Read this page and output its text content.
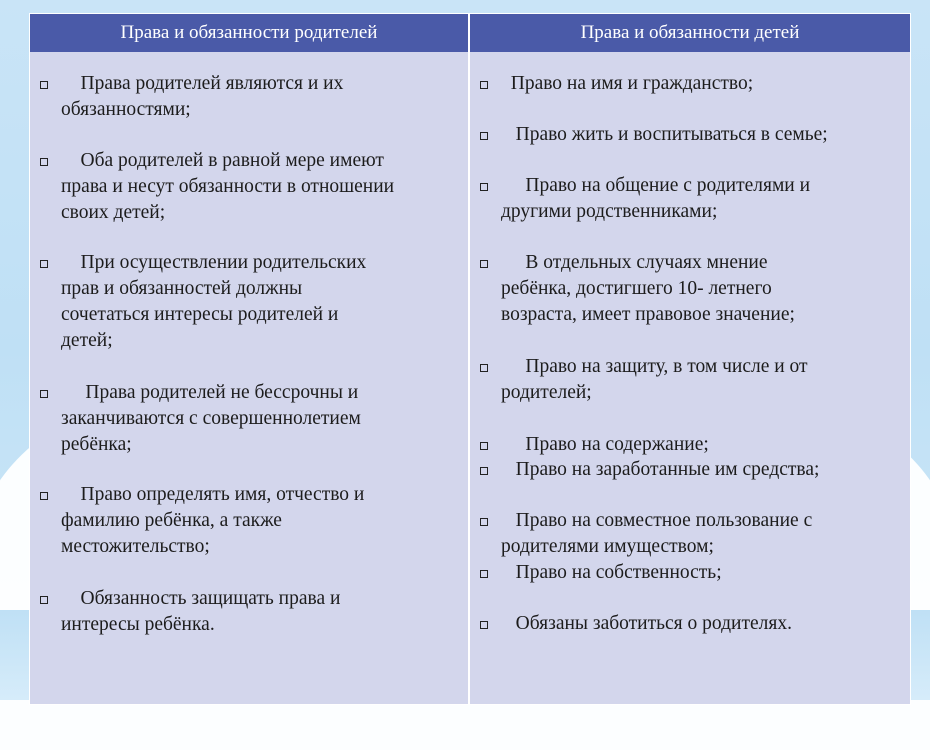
Права и обязанности родителей	Права и обязанности детей
Права родителей являются и их
обязанностями;
Оба родителей в равной мере имеют
права и несут обязанности в отношении
своих детей;
При осуществлении родительских
прав и обязанностей должны
сочетаться интересы родителей и
детей;
Права родителей не бессрочны и
заканчиваются с совершеннолетием
ребёнка;
Право определять имя, отчество и
фамилию ребёнка, а также
местожительство;
Обязанность защищать права и
интересы ребёнка.
Право на имя и гражданство;
Право жить и воспитываться в семье;
Право на общение с родителями и
другими родственниками;
В отдельных случаях мнение
ребёнка, достигшего 10- летнего
возраста, имеет правовое значение;
Право на защиту, в том числе и от
родителей;
Право на содержание;
Право на заработанные им средства;
Право на совместное пользование с
родителями имуществом;
Право на собственность;
Обязаны заботиться о родителях.
